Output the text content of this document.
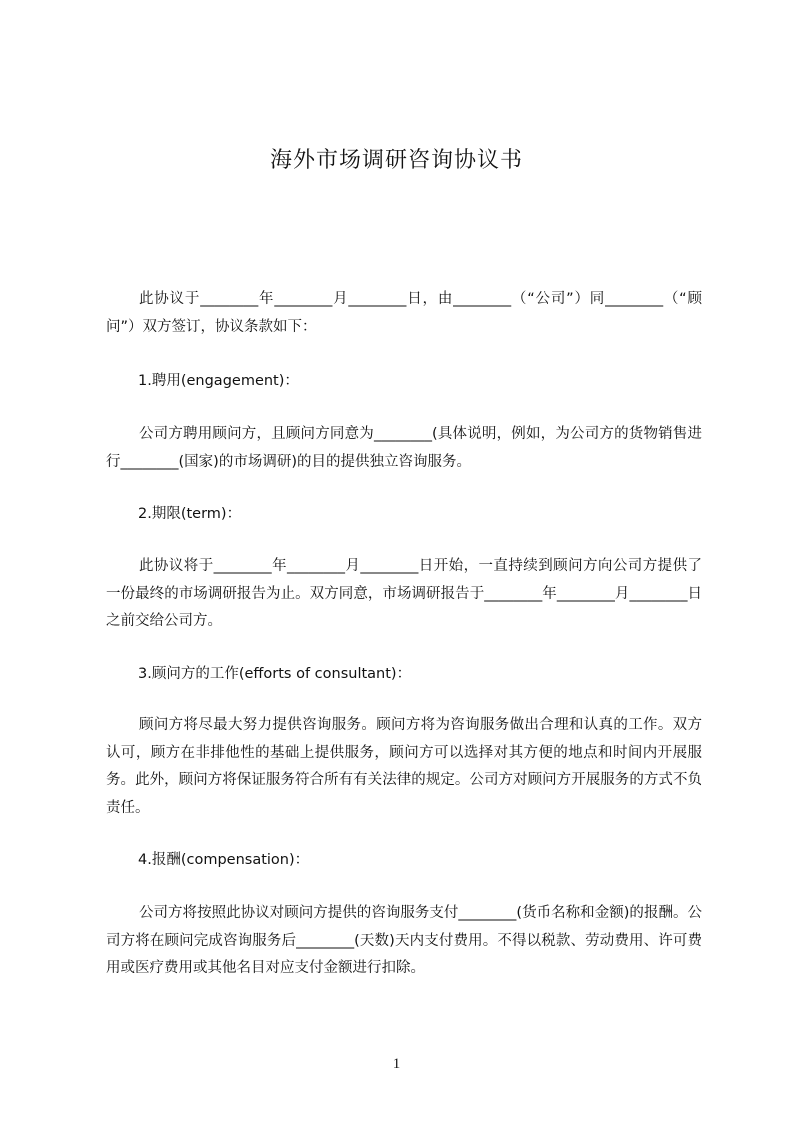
海外市场调研咨询协议书
此协议于________年________月________日，由________（“公司”）同________（“顾问”）双方签订，协议条款如下：
1.聘用(engagement)：
公司方聘用顾问方，且顾问方同意为________(具体说明，例如，为公司方的货物销售进行________(国家)的市场调研)的目的提供独立咨询服务。
2.期限(term)：
此协议将于________年________月________日开始，一直持续到顾问方向公司方提供了一份最终的市场调研报告为止。双方同意，市场调研报告于________年________月________日之前交给公司方。
3.顾问方的工作(efforts of consultant)：
顾问方将尽最大努力提供咨询服务。顾问方将为咨询服务做出合理和认真的工作。双方认可，顾方在非排他性的基础上提供服务，顾问方可以选择对其方便的地点和时间内开展服务。此外，顾问方将保证服务符合所有有关法律的规定。公司方对顾问方开展服务的方式不负责任。
4.报酬(compensation)：
公司方将按照此协议对顾问方提供的咨询服务支付________(货币名称和金额)的报酬。公司方将在顾问完成咨询服务后________(天数)天内支付费用。不得以税款、劳动费用、许可费用或医疗费用或其他名目对应支付金额进行扣除。
1
